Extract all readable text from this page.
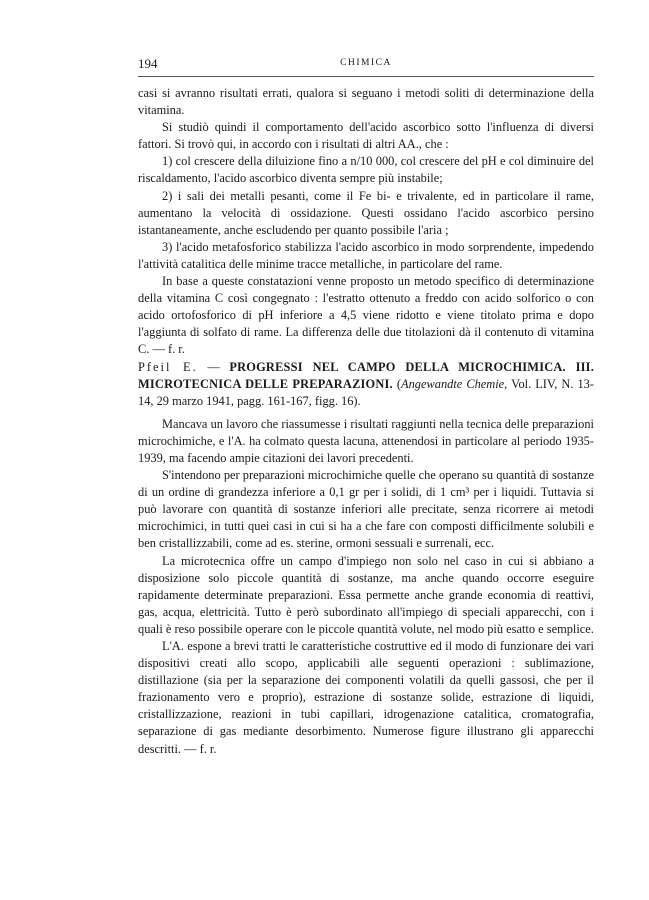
194	CHIMICA

casi si avranno risultati errati, qualora si seguano i metodi soliti di determinazione della vitamina.

Si studiò quindi il comportamento dell'acido ascorbico sotto l'influenza di diversi fattori. Si trovò qui, in accordo con i risultati di altri AA., che :

1) col crescere della diluizione fino a n/10 000, col crescere del pH e col diminuire del riscaldamento, l'acido ascorbico diventa sempre più instabile;

2) i sali dei metalli pesanti, come il Fe bi- e trivalente, ed in particolare il rame, aumentano la velocità di ossidazione. Questi ossidano l'acido ascorbico persino istantaneamente, anche escludendo per quanto possibile l'aria ;

3) l'acido metafosforico stabilizza l'acido ascorbico in modo sorprendente, impedendo l'attività catalitica delle minime tracce metalliche, in particolare del rame.

In base a queste constatazioni venne proposto un metodo specifico di determinazione della vitamina C così congegnato : l'estratto ottenuto a freddo con acido solforico o con acido ortofosforico di pH inferiore a 4,5 viene ridotto e viene titolato prima e dopo l'aggiunta di solfato di rame. La differenza delle due titolazioni dà il contenuto di vitamina C. — f. r.

Pfeil E. — PROGRESSI NEL CAMPO DELLA MICROCHIMICA. III. MICROTECNICA DELLE PREPARAZIONI. (Angewandte Chemie, Vol. LIV, N. 13-14, 29 marzo 1941, pagg. 161-167, figg. 16).

Mancava un lavoro che riassumesse i risultati raggiunti nella tecnica delle preparazioni microchimiche, e l'A. ha colmato questa lacuna, attenendosi in particolare al periodo 1935-1939, ma facendo ampie citazioni dei lavori precedenti.

S'intendono per preparazioni microchimiche quelle che operano su quantità di sostanze di un ordine di grandezza inferiore a 0,1 gr per i solidi, di 1 cm³ per i liquidi. Tuttavia si può lavorare con quantità di sostanze inferiori alle precitate, senza ricorrere ai metodi microchimici, in tutti quei casi in cui si ha a che fare con composti difficilmente solubili e ben cristallizzabili, come ad es. sterine, ormoni sessuali e surrenali, ecc.

La microtecnica offre un campo d'impiego non solo nel caso in cui si abbiano a disposizione solo piccole quantità di sostanze, ma anche quando occorre eseguire rapidamente determinate preparazioni. Essa permette anche grande economia di reattivi, gas, acqua, elettricità. Tutto è però subordinato all'impiego di speciali apparecchi, con i quali è reso possibile operare con le piccole quantità volute, nel modo più esatto e semplice.

L'A. espone a brevi tratti le caratteristiche costruttive ed il modo di funzionare dei vari dispositivi creati allo scopo, applicabili alle seguenti operazioni : sublimazione, distillazione (sia per la separazione dei componenti volatili da quelli gassosi, che per il frazionamento vero e proprio), estrazione di sostanze solide, estrazione di liquidi, cristallizzazione, reazioni in tubi capillari, idrogenazione catalitica, cromatografia, separazione di gas mediante desorbimento. Numerose figure illustrano gli apparecchi descritti. — f. r.
